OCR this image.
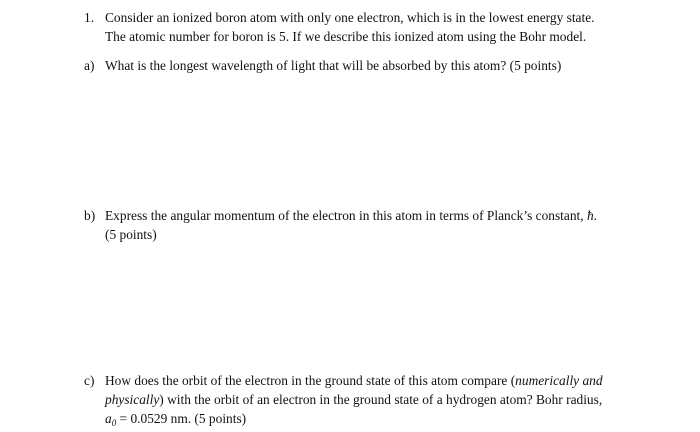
1. Consider an ionized boron atom with only one electron, which is in the lowest energy state.
The atomic number for boron is 5. If we describe this ionized atom using the Bohr model.
a) What is the longest wavelength of light that will be absorbed by this atom? (5 points)
b) Express the angular momentum of the electron in this atom in terms of Planck’s constant, ħ.
(5 points)
c) How does the orbit of the electron in the ground state of this atom compare (numerically and
physically) with the orbit of an electron in the ground state of a hydrogen atom? Bohr radius,
$a_0 = 0.0529$ nm. (5 points)
